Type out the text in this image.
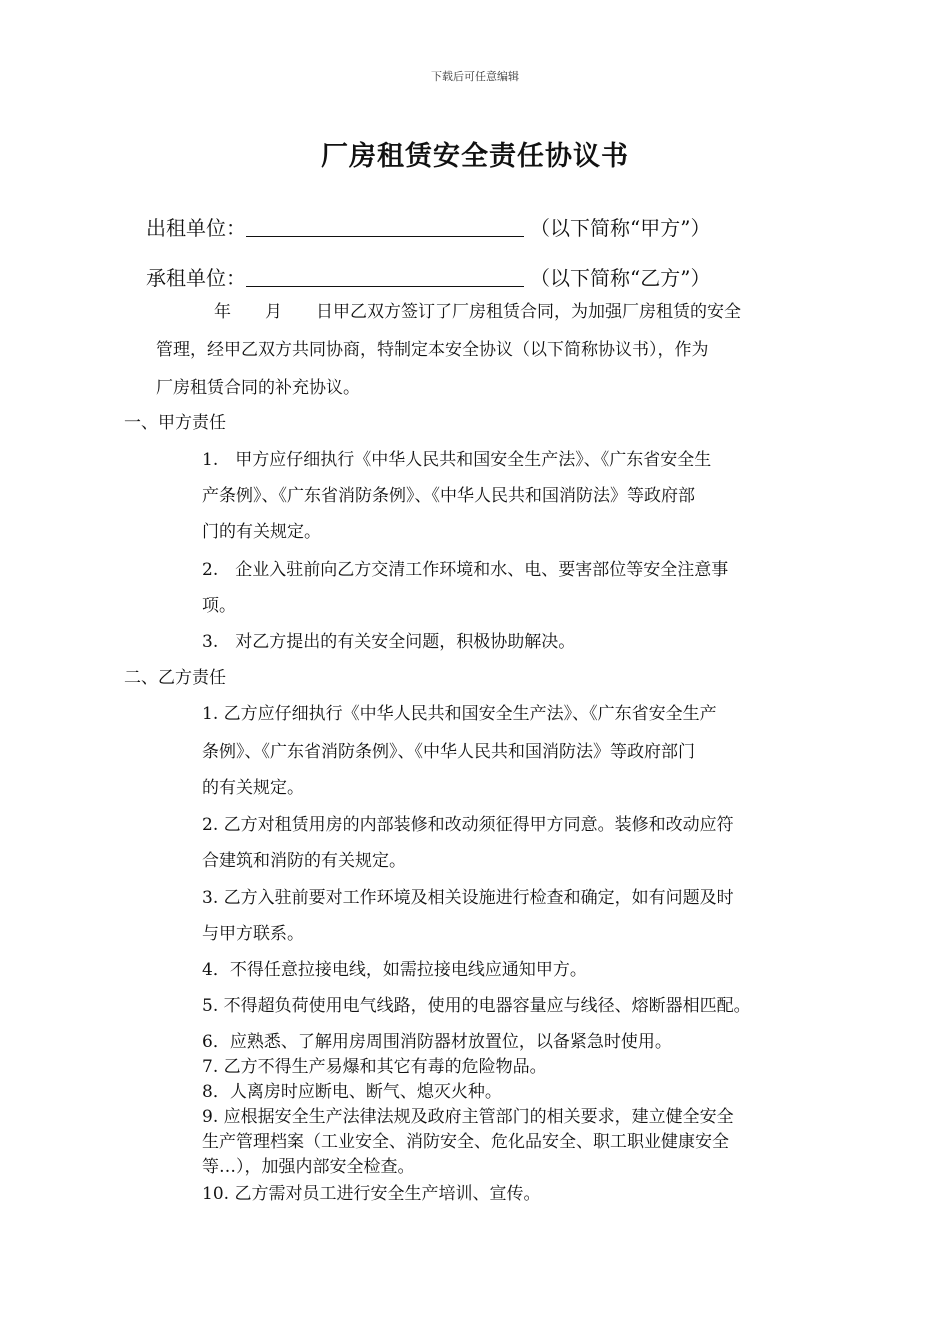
下载后可任意编辑
厂房租赁安全责任协议书
出租单位：	（以下简称“甲方”）
承租单位：	（以下简称“乙方”）
年　　月　　日甲乙双方签订了厂房租赁合同，为加强厂房租赁的安全
管理，经甲乙双方共同协商，特制定本安全协议（以下简称协议书），作为
厂房租赁合同的补充协议。
一、甲方责任
1.　甲方应仔细执行《中华人民共和国安全生产法》、《广东省安全生
产条例》、《广东省消防条例》、《中华人民共和国消防法》等政府部
门的有关规定。
2.　企业入驻前向乙方交清工作环境和水、电、要害部位等安全注意事
项。
3.　对乙方提出的有关安全问题，积极协助解决。
二、乙方责任
1. 乙方应仔细执行《中华人民共和国安全生产法》、《广东省安全生产
条例》、《广东省消防条例》、《中华人民共和国消防法》等政府部门
的有关规定。
2. 乙方对租赁用房的内部装修和改动须征得甲方同意。装修和改动应符
合建筑和消防的有关规定。
3. 乙方入驻前要对工作环境及相关设施进行检查和确定，如有问题及时
与甲方联系。
4．不得任意拉接电线，如需拉接电线应通知甲方。
5. 不得超负荷使用电气线路，使用的电器容量应与线径、熔断器相匹配。
6．应熟悉、了解用房周围消防器材放置位，以备紧急时使用。
7. 乙方不得生产易爆和其它有毒的危险物品。
8．人离房时应断电、断气、熄灭火种。
9. 应根据安全生产法律法规及政府主管部门的相关要求，建立健全安全
生产管理档案（工业安全、消防安全、危化品安全、职工职业健康安全
等…），加强内部安全检查。
10. 乙方需对员工进行安全生产培训、宣传。
